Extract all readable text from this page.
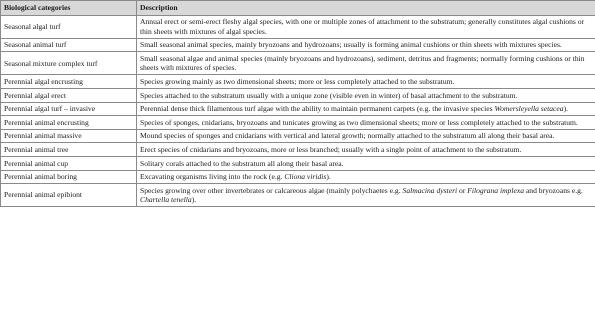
Biological categories	Description
Seasonal algal turf	Annual erect or semi-erect fleshy algal species, with one or multiple zones of attachment to the substratum; generally constitutes algal cushions or thin sheets with mixtures of algal species.
Seasonal animal turf	Small seasonal animal species, mainly bryozoans and hydrozoans; usually is forming animal cushions or thin sheets with mixtures species.
Seasonal mixture complex turf	Small seasonal algae and animal species (mainly bryozoans and hydrozoans), sediment, detritus and fragments; normally forming cushions or thin sheets with mixtures of species.
Perennial algal encrusting	Species growing mainly as two dimensional sheets; more or less completely attached to the substratum.
Perennial algal erect	Species attached to the substratum usually with a unique zone (visible even in winter) of basal attachment to the substratum.
Perennial algal turf – invasive	Perennial dense thick filamentous turf algae with the ability to maintain permanent carpets (e.g. the invasive species Womersleyella setacea).
Perennial animal encrusting	Species of sponges, cnidarians, bryozoans and tunicates growing as two dimensional sheets; more or less completely attached to the substratum.
Perennial animal massive	Mound species of sponges and cnidarians with vertical and lateral growth; normally attached to the substratum all along their basal area.
Perennial animal tree	Erect species of cnidarians and bryozoans, more or less branched; usually with a single point of attachment to the substratum.
Perennial animal cup	Solitary corals attached to the substratum all along their basal area.
Perennial animal boring	Excavating organisms living into the rock (e.g. Cliona viridis).
Perennial animal epibiont	Species growing over other invertebrates or calcareous algae (mainly polychaetes e.g. Salmacina dysteri or Filograna implexa and bryozoans e.g. Chartella tenella).
